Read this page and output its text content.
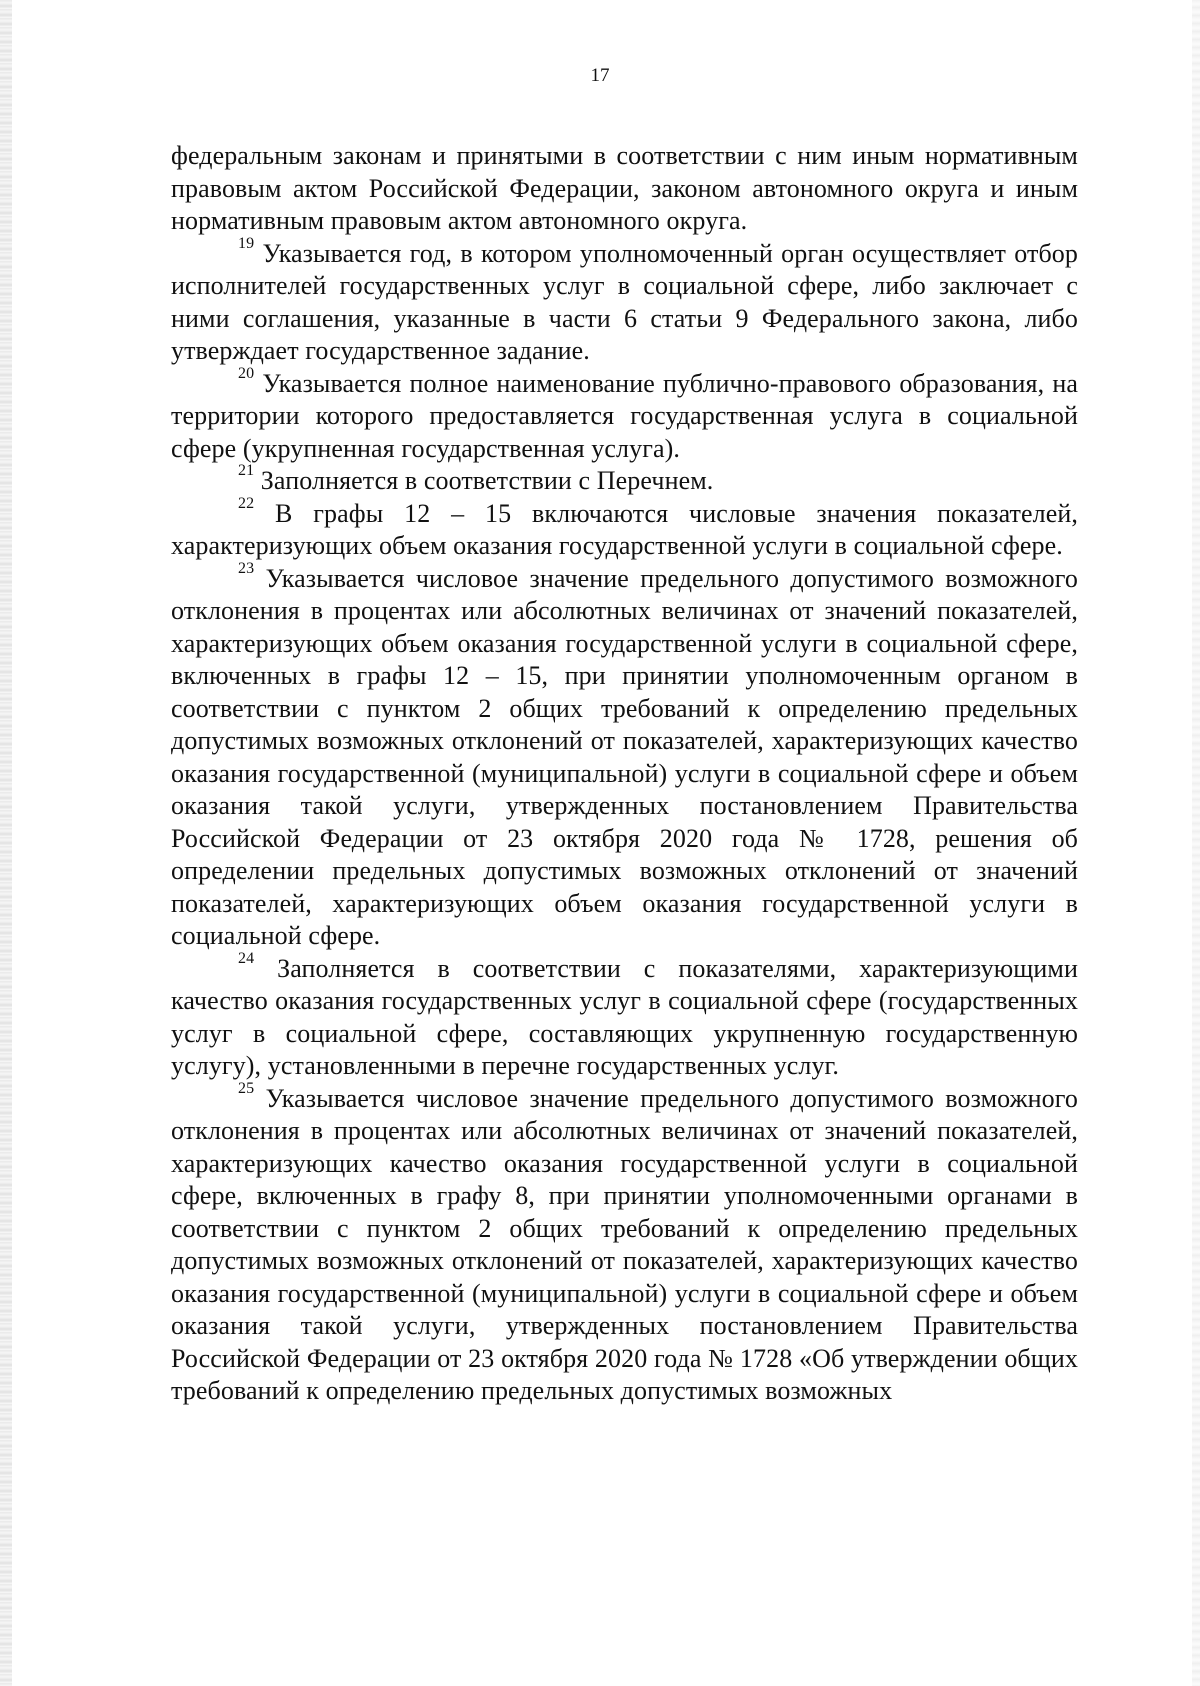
17

федеральным законам и принятыми в соответствии с ним иным нормативным правовым актом Российской Федерации, законом автономного округа и иным нормативным правовым актом автономного округа.

$^{19}$ Указывается год, в котором уполномоченный орган осуществляет отбор исполнителей государственных услуг в социальной сфере, либо заключает с ними соглашения, указанные в части 6 статьи 9 Федерального закона, либо утверждает государственное задание.

$^{20}$ Указывается полное наименование публично-правового образования, на территории которого предоставляется государственная услуга в социальной сфере (укрупненная государственная услуга).

$^{21}$ Заполняется в соответствии с Перечнем.

$^{22}$ В графы 12 – 15 включаются числовые значения показателей, характеризующих объем оказания государственной услуги в социальной сфере.

$^{23}$ Указывается числовое значение предельного допустимого возможного отклонения в процентах или абсолютных величинах от значений показателей, характеризующих объем оказания государственной услуги в социальной сфере, включенных в графы 12 – 15, при принятии уполномоченным органом в соответствии с пунктом 2 общих требований к определению предельных допустимых возможных отклонений от показателей, характеризующих качество оказания государственной (муниципальной) услуги в социальной сфере и объем оказания такой услуги, утвержденных постановлением Правительства Российской Федерации от 23 октября 2020 года № 1728, решения об определении предельных допустимых возможных отклонений от значений показателей, характеризующих объем оказания государственной услуги в социальной сфере.

$^{24}$ Заполняется в соответствии с показателями, характеризующими качество оказания государственных услуг в социальной сфере (государственных услуг в социальной сфере, составляющих укрупненную государственную услугу), установленными в перечне государственных услуг.

$^{25}$ Указывается числовое значение предельного допустимого возможного отклонения в процентах или абсолютных величинах от значений показателей, характеризующих качество оказания государственной услуги в социальной сфере, включенных в графу 8, при принятии уполномоченными органами в соответствии с пунктом 2 общих требований к определению предельных допустимых возможных отклонений от показателей, характеризующих качество оказания государственной (муниципальной) услуги в социальной сфере и объем оказания такой услуги, утвержденных постановлением Правительства Российской Федерации от 23 октября 2020 года № 1728 «Об утверждении общих требований к определению предельных допустимых возможных
